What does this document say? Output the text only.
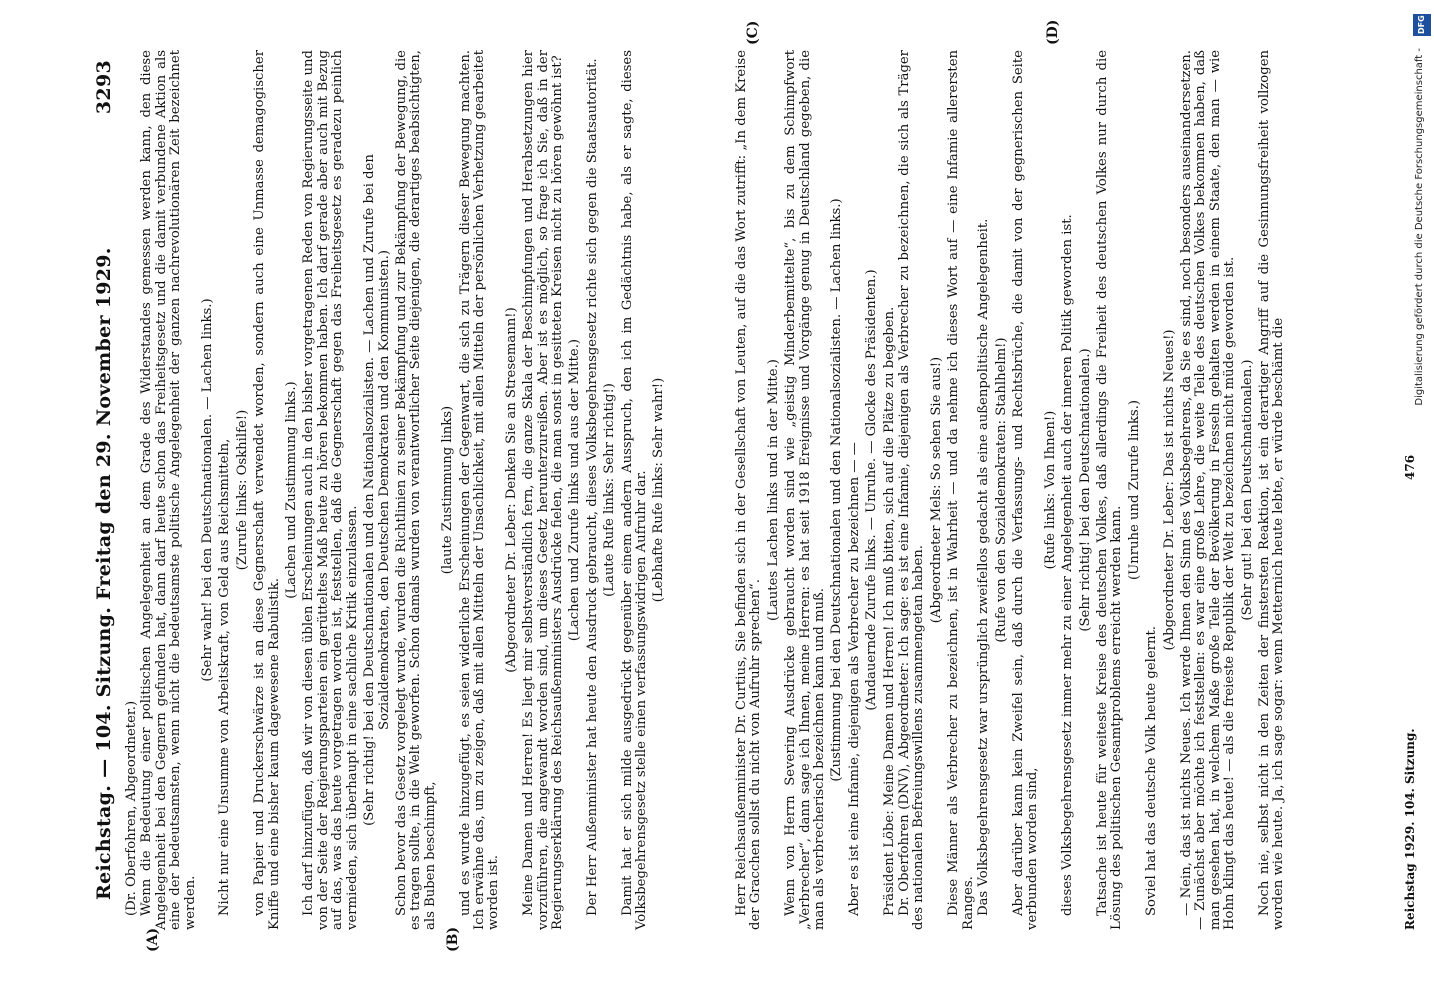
Reichstag. — 104. Sitzung. Freitag den 29. November 1929.
3293
(A)	(B)
(C)	(D)

(Dr. Oberfohren, Abgeordneter.) Wenn die Bedeutung einer politischen Angelegenheit an dem Grade des Widerstandes gemessen werden kann, den diese Angelegenheit bei den Gegnern gefunden hat, dann darf heute schon das Freiheitsgesetz und die damit verbundene Aktion als eine der bedeutsamsten, wenn nicht die bedeutsamste politische Angelegenheit der ganzen nachrevolutionären Zeit bezeichnet werden.

(Sehr wahr! bei den Deutschnationalen. — Lachen links.) Nicht nur eine Unsumme von Arbeitskraft, von Geld aus Reichsmitteln, (Zurufe links: Oskhilfe!) von Papier und Druckerschwärze ist an diese Gegnerschaft verwendet worden, sondern auch eine Unmasse demagogischer Kniffe und eine bisher kaum dagewesene Rabulistik.

(Lachen und Zustimmung links.) Ich darf hinzufügen, daß wir von diesen üblen Erscheinungen auch in den bisher vorgetragenen Reden von Regierungsseite und von der Seite der Regierungsparteien ein gerütteltes Maß heute zu hören bekommen haben. Ich darf gerade aber auch mit Bezug auf das, was das heute vorgetragen worden ist, feststellen, daß die Gegnerschaft gegen das Freiheitsgesetz es geradezu peinlich vermieden, sich überhaupt in eine sachliche Kritik einzulassen. (Sehr richtig! bei den Deutschnationalen und den Nationalsozialisten. — Lachen und Zurufe bei den Sozialdemokraten, den Deutschen Demokraten und den Kommunisten.) Schon bevor das Gesetz vorgelegt wurde, wurden die Richtlinien zu seiner Bekämpfung und zur Bekämpfung der Bewegung, die es tragen sollte, in die Welt geworfen. Schon damals wurden von verantwortlicher Seite diejenigen, die derartiges beabsichtigten, als Buben beschimpft,

(laute Zustimmung links) und es wurde hinzugefügt, es seien widerliche Erscheinungen der Gegenwart, die sich zu Trägern dieser Bewegung machten. Ich erwähne das, um zu zeigen, daß mit allen Mitteln der Unsachlichkeit, mit allen Mitteln der persönlichen Verhetzung gearbeitet worden ist.

(Abgeordneter Dr. Leber: Denken Sie an Stresemann!) Meine Damen und Herren! Es liegt mir selbstverständlich fern, die ganze Skala der Beschimpfungen und Herabsetzungen hier vorzuführen, die angewandt worden sind, um dieses Gesetz herunterzureißen. Aber ist es möglich, so frage ich Sie, daß in der Regierungserklärung des Reichsaußenministers Ausdrücke fielen, die man sonst in gesitteten Kreisen nicht zu hören gewöhnt ist? (Lachen und Zurufe links und aus der Mitte.) Der Herr Außenminister hat heute den Ausdruck gebraucht, dieses Volksbegehrensgesetz richte sich gegen die Staatsautorität. (Laute Rufe links: Sehr richtig!) Damit hat er sich milde ausgedrückt gegenüber einem andern Ausspruch, den ich im Gedächtnis habe, als er sagte, dieses Volksbegehrensgesetz stelle einen verfassungswidrigen Aufruhr dar. (Lebhafte Rufe links: Sehr wahr!)	Herr Reichsaußenminister Dr. Curtius, Sie befinden sich in der Gesellschaft von Leuten, auf die das Wort zutrifft: „In dem Kreise der Gracchen sollst du nicht von Aufruhr sprechen“.

(Lautes Lachen links und in der Mitte.) Wenn von Herrn Severing Ausdrücke gebraucht worden sind wie „geistig Minderbemittelte“, bis zu dem Schimpfwort „Verbrecher“, dann sage ich Ihnen, meine Herren: es hat seit 1918 Ereignisse und Vorgänge genug in Deutschland gegeben, die man als verbrecherisch bezeichnen kann und muß. (Zustimmung bei den Deutschnationalen und den Nationalsozialisten. — Lachen links.) Aber es ist eine Infamie, diejenigen als Verbrecher zu bezeichnen — — (Andauernde Zurufe links. — Unruhe. — Glocke des Präsidenten.) Präsident Löbe: Meine Damen und Herren! Ich muß bitten, sich auf die Plätze zu begeben. Dr. Oberfohren (DNV), Abgeordneter: Ich sage: es ist eine Infamie, diejenigen als Verbrecher zu bezeichnen, die sich als Träger des nationalen Befreiungswillens zusammengetan haben.

(Abgeordneter Mels: So sehen Sie aus!) Diese Männer als Verbrecher zu bezeichnen, ist in Wahrheit — und da nehme ich dieses Wort auf — eine Infamie allerersten Ranges. Das Volksbegehrensgesetz war ursprünglich zweifellos gedacht als eine außenpolitische Angelegenheit. (Rufe von den Sozialdemokraten: Stahlhelm!) Aber darüber kann kein Zweifel sein, daß durch die Verfassungs- und Rechtsbrüche, die damit von der gegnerischen Seite verbunden worden sind,

(Rufe links: Von Ihnen!) dieses Volksbegehrensgesetz immer mehr zu einer Angelegenheit auch der inneren Politik geworden ist. (Sehr richtig! bei den Deutschnationalen.) Tatsache ist heute für weiteste Kreise des deutschen Volkes, daß allerdings die Freiheit des deutschen Volkes nur durch die Lösung des politischen Gesamtproblems erreicht werden kann.

(Unruhe und Zurufe links.)

Soviel hat das deutsche Volk heute gelernt.

(Abgeordneter Dr. Leber: Das ist nichts Neues!) — Nein, das ist nichts Neues. Ich werde Ihnen den Sinn des Volksbegehrens, da Sie es sind, noch besonders auseinandersetzen. — Zunächst aber möchte ich feststellen: es war eine große Lehre, die weite Teile des deutschen Volkes bekommen haben, daß man gesehen hat, in welchem Maße große Teile der Bevölkerung in Fesseln gehalten werden in einem Staate, den man — wie Hohn klingt das heute! — als die freieste Republik der Welt zu bezeichnen nicht müde geworden ist. (Sehr gut! bei den Deutschnationalen.) Noch nie, selbst nicht in den Zeiten der finstersten Reaktion, ist ein derartiger Angriff auf die Gesinnungsfreiheit vollzogen worden wie heute. Ja, ich sage sogar: wenn Metternich heute lebte, er würde beschämt die	Reichstag 1929. 104. Sitzung.
476
DFG
Digitalisierung gefördert durch die Deutsche Forschungsgemeinschaft -
